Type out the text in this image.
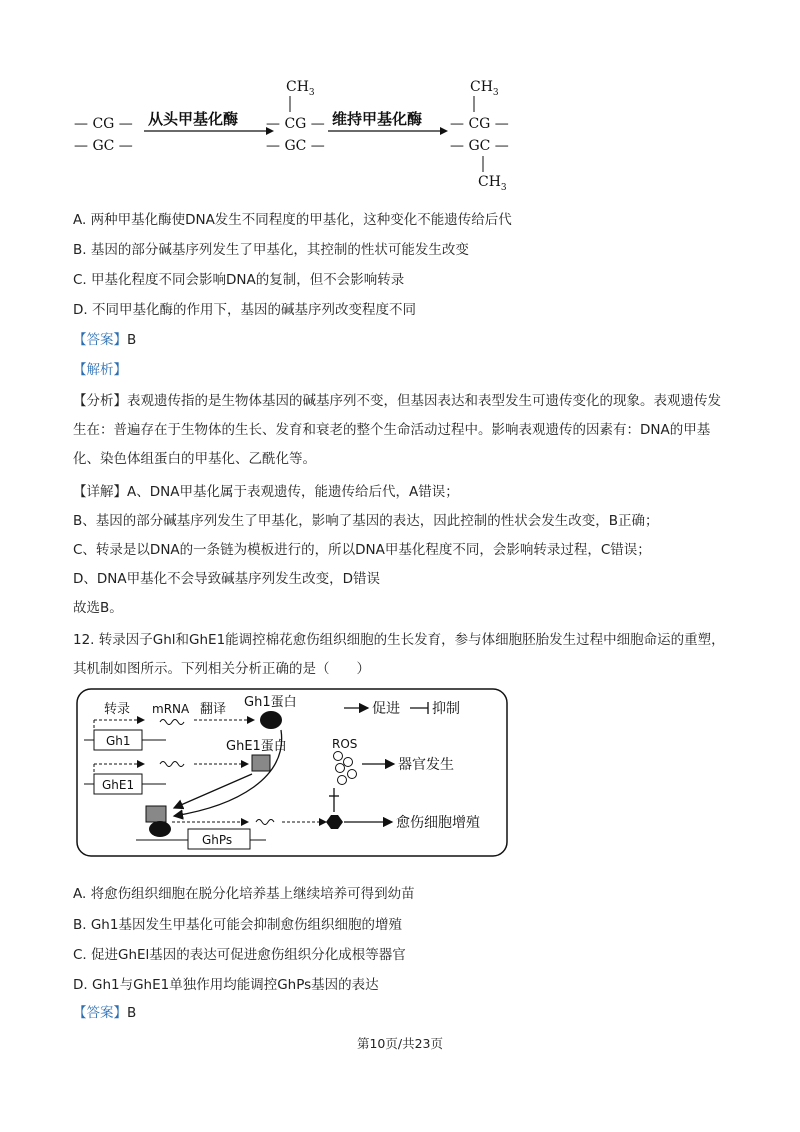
— CG —
— GC —
从头甲基化酶
$CH_3$
— CG —
— GC —
维持甲基化酶
$CH_3$
— CG —
— GC —
$CH_3$
A. 两种甲基化酶使DNA发生不同程度的甲基化，这种变化不能遗传给后代
B. 基因的部分碱基序列发生了甲基化，其控制的性状可能发生改变
C. 甲基化程度不同会影响DNA的复制，但不会影响转录
D. 不同甲基化酶的作用下，基因的碱基序列改变程度不同
【答案】B
【解析】
【分析】表观遗传指的是生物体基因的碱基序列不变，但基因表达和表型发生可遗传变化的现象。表观遗传发生在：普遍存在于生物体的生长、发育和衰老的整个生命活动过程中。影响表观遗传的因素有：DNA的甲基化、染色体组蛋白的甲基化、乙酰化等。
【详解】A、DNA甲基化属于表观遗传，能遗传给后代，A错误；
B、基因的部分碱基序列发生了甲基化，影响了基因的表达，因此控制的性状会发生改变，B正确；
C、转录是以DNA的一条链为模板进行的，所以DNA甲基化程度不同，会影响转录过程，C错误；
D、DNA甲基化不会导致碱基序列发生改变，D错误
故选B。
12. 转录因子Ghl和GhE1能调控棉花愈伤组织细胞的生长发育，参与体细胞胚胎发生过程中细胞命运的重塑，其机制如图所示。下列相关分析正确的是（　　）
转录 mRNA 翻译 Gh1蛋白
Gh1	GhE1蛋白
GhE1
GhPs
愈伤细胞增殖
ROS
器官发生
促进 抑制
A. 将愈伤组织细胞在脱分化培养基上继续培养可得到幼苗
B. Gh1基因发生甲基化可能会抑制愈伤组织细胞的增殖
C. 促进GhEl基因的表达可促进愈伤组织分化成根等器官
D. Gh1与GhE1单独作用均能调控GhPs基因的表达
【答案】B
第10页/共23页
